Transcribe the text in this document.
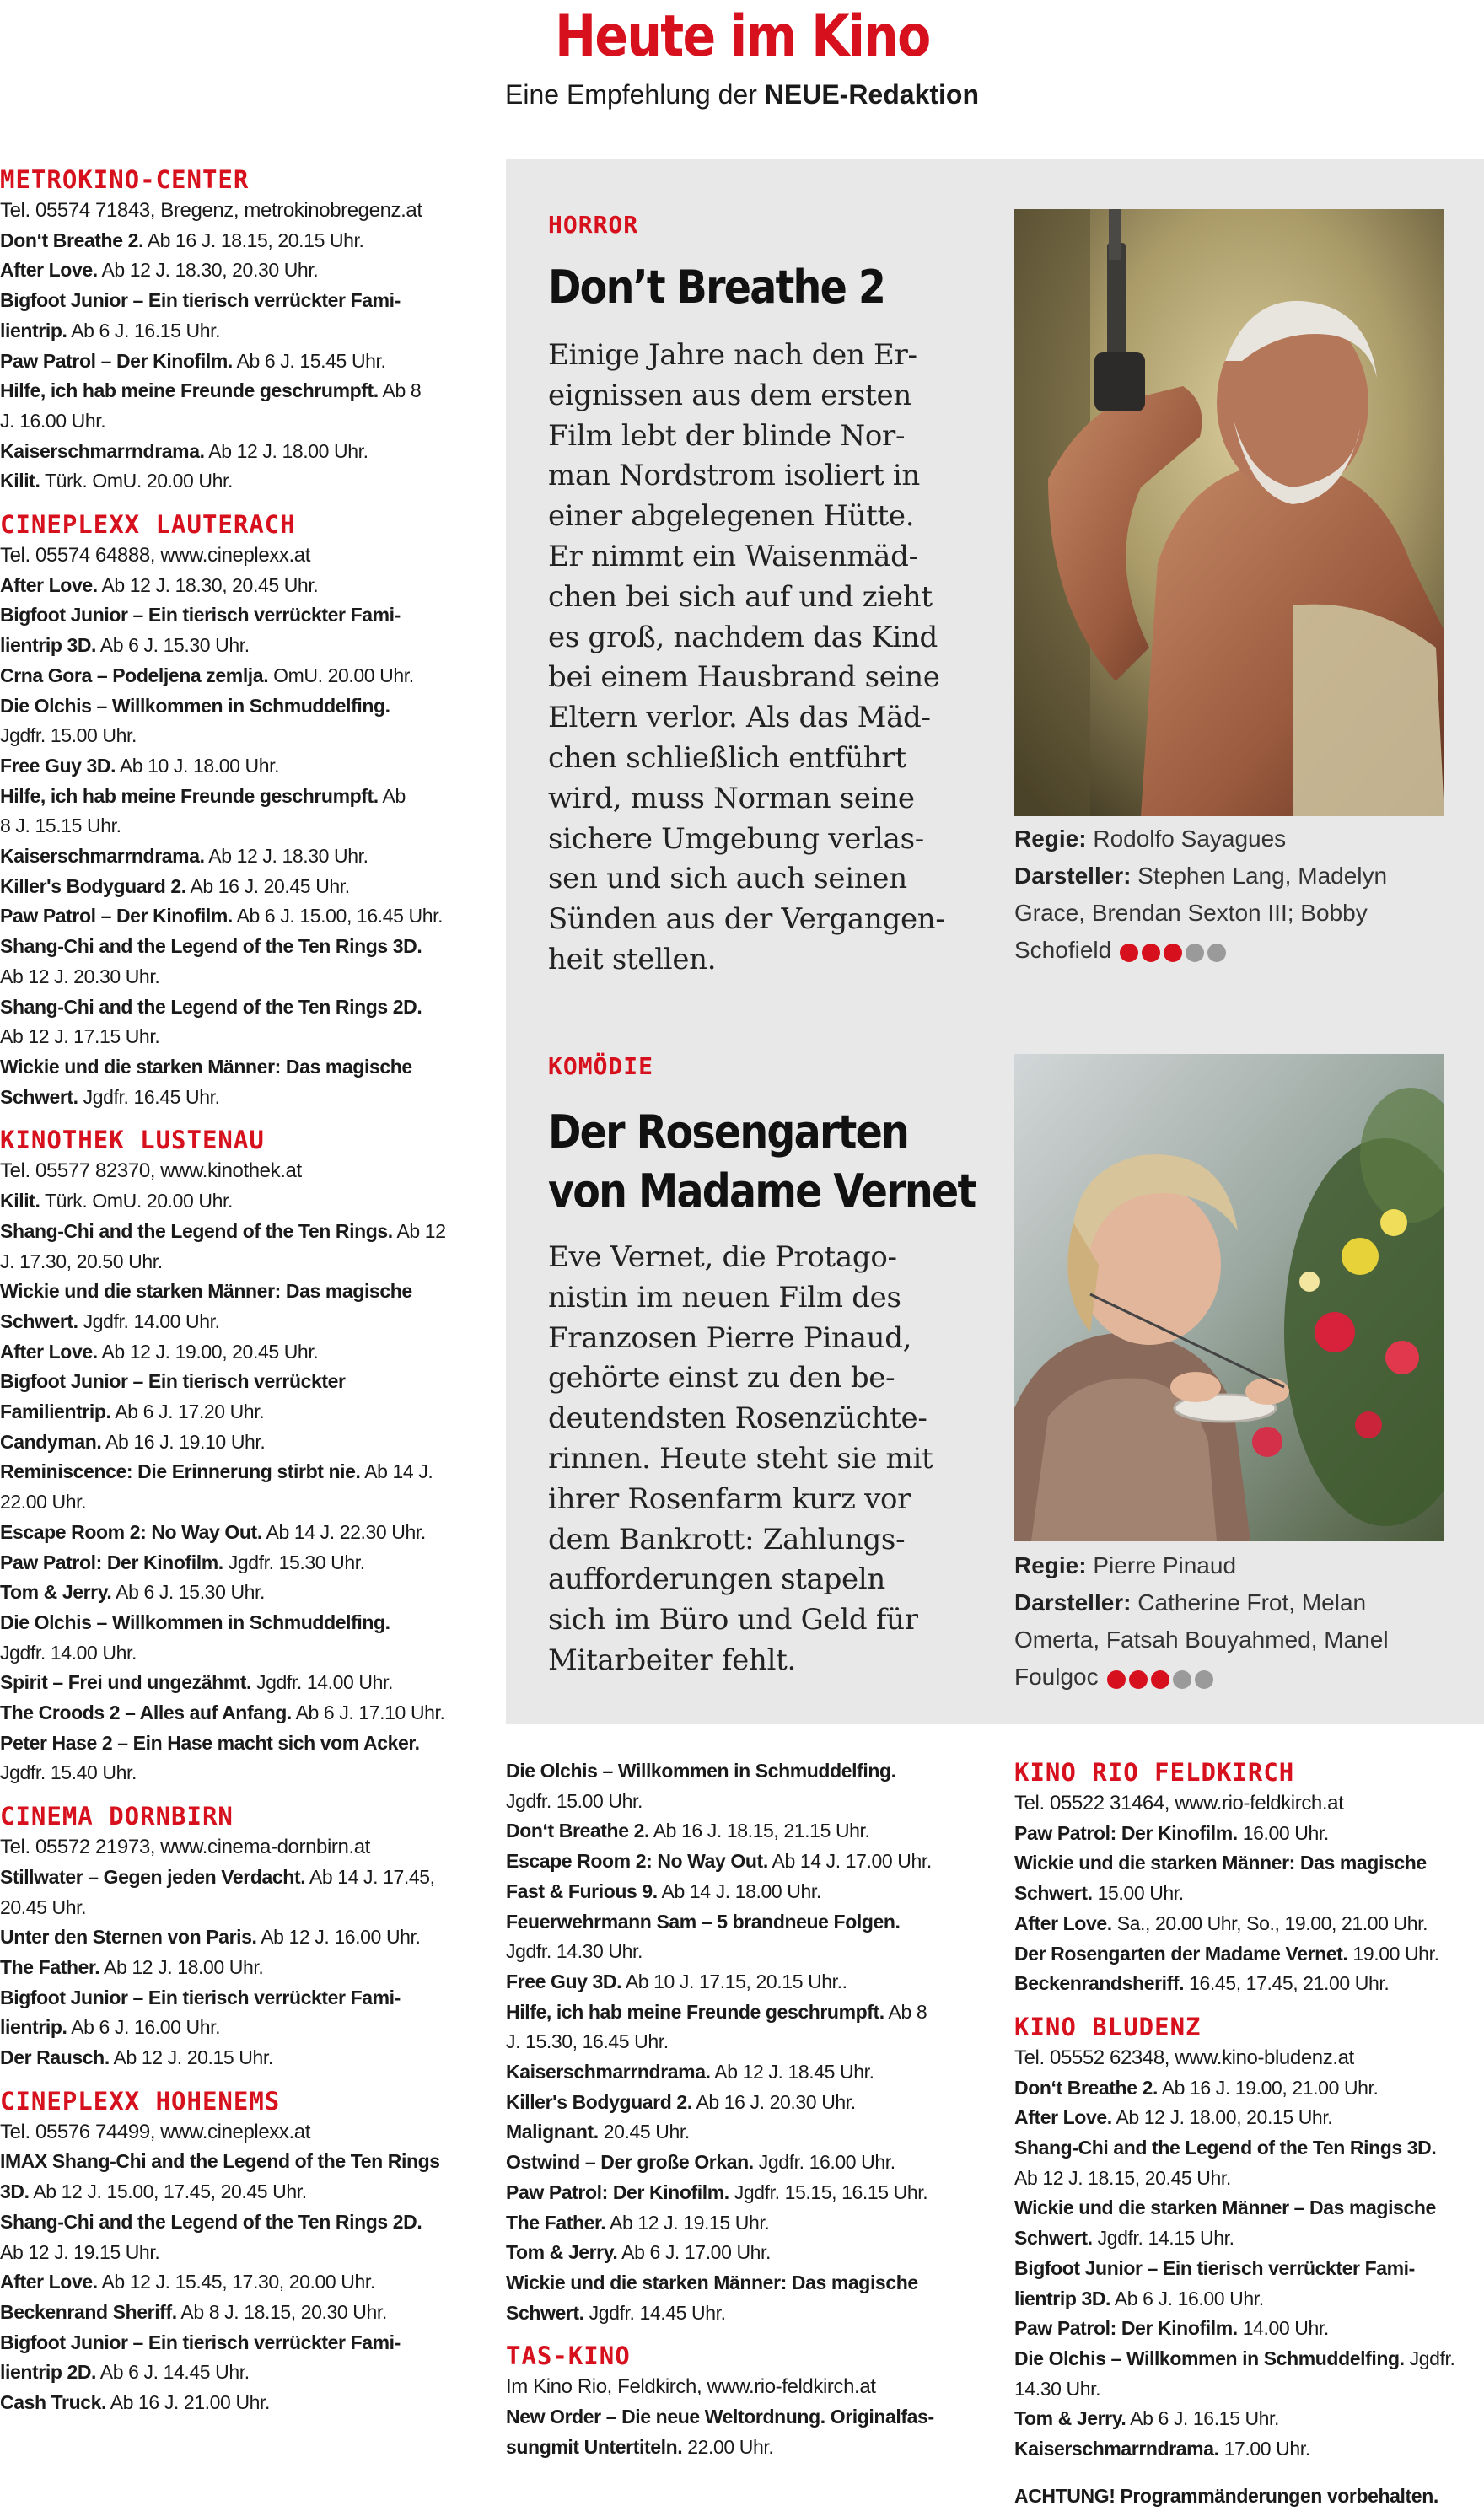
Heute im Kino
Eine Empfehlung der NEUE-Redaktion
METROKINO-CENTER
Tel. 05574 71843, Bregenz, metrokinobregenz.at
Don‘t Breathe 2. Ab 16 J. 18.15, 20.15 Uhr.
After Love. Ab 12 J. 18.30, 20.30 Uhr.
Bigfoot Junior – Ein tierisch verrückter Fami-
lientrip. Ab 6 J. 16.15 Uhr.
Paw Patrol – Der Kinofilm. Ab 6 J. 15.45 Uhr.
Hilfe, ich hab meine Freunde geschrumpft. Ab 8
J. 16.00 Uhr.
Kaiserschmarrndrama. Ab 12 J. 18.00 Uhr.
Kilit. Türk. OmU. 20.00 Uhr.
CINEPLEXX LAUTERACH
Tel. 05574 64888, www.cineplexx.at
After Love. Ab 12 J. 18.30, 20.45 Uhr.
Bigfoot Junior – Ein tierisch verrückter Fami-
lientrip 3D. Ab 6 J. 15.30 Uhr.
Crna Gora – Podeljena zemlja. OmU. 20.00 Uhr.
Die Olchis – Willkommen in Schmuddelfing.
Jgdfr. 15.00 Uhr.
Free Guy 3D. Ab 10 J. 18.00 Uhr.
Hilfe, ich hab meine Freunde geschrumpft. Ab
8 J. 15.15 Uhr.
Kaiserschmarrndrama. Ab 12 J. 18.30 Uhr.
Killer's Bodyguard 2. Ab 16 J. 20.45 Uhr.
Paw Patrol – Der Kinofilm. Ab 6 J. 15.00, 16.45 Uhr.
Shang-Chi and the Legend of the Ten Rings 3D.
Ab 12 J. 20.30 Uhr.
Shang-Chi and the Legend of the Ten Rings 2D.
Ab 12 J. 17.15 Uhr.
Wickie und die starken Männer: Das magische
Schwert. Jgdfr. 16.45 Uhr.
KINOTHEK LUSTENAU
Tel. 05577 82370, www.kinothek.at
Kilit. Türk. OmU. 20.00 Uhr.
Shang-Chi and the Legend of the Ten Rings. Ab 12
J. 17.30, 20.50 Uhr.
Wickie und die starken Männer: Das magische
Schwert. Jgdfr. 14.00 Uhr.
After Love. Ab 12 J. 19.00, 20.45 Uhr.
Bigfoot Junior – Ein tierisch verrückter
Familientrip. Ab 6 J. 17.20 Uhr.
Candyman. Ab 16 J. 19.10 Uhr.
Reminiscence: Die Erinnerung stirbt nie. Ab 14 J.
22.00 Uhr.
Escape Room 2: No Way Out. Ab 14 J. 22.30 Uhr.
Paw Patrol: Der Kinofilm. Jgdfr. 15.30 Uhr.
Tom & Jerry. Ab 6 J. 15.30 Uhr.
Die Olchis – Willkommen in Schmuddelfing.
Jgdfr. 14.00 Uhr.
Spirit – Frei und ungezähmt. Jgdfr. 14.00 Uhr.
The Croods 2 – Alles auf Anfang. Ab 6 J. 17.10 Uhr.
Peter Hase 2 – Ein Hase macht sich vom Acker.
Jgdfr. 15.40 Uhr.
CINEMA DORNBIRN
Tel. 05572 21973, www.cinema-dornbirn.at
Stillwater – Gegen jeden Verdacht. Ab 14 J. 17.45,
20.45 Uhr.
Unter den Sternen von Paris. Ab 12 J. 16.00 Uhr.
The Father. Ab 12 J. 18.00 Uhr.
Bigfoot Junior – Ein tierisch verrückter Fami-
lientrip. Ab 6 J. 16.00 Uhr.
Der Rausch. Ab 12 J. 20.15 Uhr.
CINEPLEXX HOHENEMS
Tel. 05576 74499, www.cineplexx.at
IMAX Shang-Chi and the Legend of the Ten Rings
3D. Ab 12 J. 15.00, 17.45, 20.45 Uhr.
Shang-Chi and the Legend of the Ten Rings 2D.
Ab 12 J. 19.15 Uhr.
After Love. Ab 12 J. 15.45, 17.30, 20.00 Uhr.
Beckenrand Sheriff. Ab 8 J. 18.15, 20.30 Uhr.
Bigfoot Junior – Ein tierisch verrückter Fami-
lientrip 2D. Ab 6 J. 14.45 Uhr.
Cash Truck. Ab 16 J. 21.00 Uhr.
Die Olchis – Willkommen in Schmuddelfing.
Jgdfr. 15.00 Uhr.
Don‘t Breathe 2. Ab 16 J. 18.15, 21.15 Uhr.
Escape Room 2: No Way Out. Ab 14 J. 17.00 Uhr.
Fast & Furious 9. Ab 14 J. 18.00 Uhr.
Feuerwehrmann Sam – 5 brandneue Folgen.
Jgdfr. 14.30 Uhr.
Free Guy 3D. Ab 10 J. 17.15, 20.15 Uhr..
Hilfe, ich hab meine Freunde geschrumpft. Ab 8
J. 15.30, 16.45 Uhr.
Kaiserschmarrndrama. Ab 12 J. 18.45 Uhr.
Killer's Bodyguard 2. Ab 16 J. 20.30 Uhr.
Malignant. 20.45 Uhr.
Ostwind – Der große Orkan. Jgdfr. 16.00 Uhr.
Paw Patrol: Der Kinofilm. Jgdfr. 15.15, 16.15 Uhr.
The Father. Ab 12 J. 19.15 Uhr.
Tom & Jerry. Ab 6 J. 17.00 Uhr.
Wickie und die starken Männer: Das magische
Schwert. Jgdfr. 14.45 Uhr.
TAS-KINO
Im Kino Rio, Feldkirch, www.rio-feldkirch.at
New Order – Die neue Weltordnung. Originalfas-
sungmit Untertiteln. 22.00 Uhr.
KINO RIO FELDKIRCH
Tel. 05522 31464, www.rio-feldkirch.at
Paw Patrol: Der Kinofilm. 16.00 Uhr.
Wickie und die starken Männer: Das magische
Schwert. 15.00 Uhr.
After Love. Sa., 20.00 Uhr, So., 19.00, 21.00 Uhr.
Der Rosengarten der Madame Vernet. 19.00 Uhr.
Beckenrandsheriff. 16.45, 17.45, 21.00 Uhr.
KINO BLUDENZ
Tel. 05552 62348, www.kino-bludenz.at
Don‘t Breathe 2. Ab 16 J. 19.00, 21.00 Uhr.
After Love. Ab 12 J. 18.00, 20.15 Uhr.
Shang-Chi and the Legend of the Ten Rings 3D.
Ab 12 J. 18.15, 20.45 Uhr.
Wickie und die starken Männer – Das magische
Schwert. Jgdfr. 14.15 Uhr.
Bigfoot Junior – Ein tierisch verrückter Fami-
lientrip 3D. Ab 6 J. 16.00 Uhr.
Paw Patrol: Der Kinofilm. 14.00 Uhr.
Die Olchis – Willkommen in Schmuddelfing. Jgdfr.
14.30 Uhr.
Tom & Jerry. Ab 6 J. 16.15 Uhr.
Kaiserschmarrndrama. 17.00 Uhr.
ACHTUNG! Programmänderungen vorbehalten.
HORROR
Don’t Breathe 2
Einige Jahre nach den Er-
eignissen aus dem ersten
Film lebt der blinde Nor-
man Nordstrom isoliert in
einer abgelegenen Hütte.
Er nimmt ein Waisenmäd-
chen bei sich auf und zieht
es groß, nachdem das Kind
bei einem Hausbrand seine
Eltern verlor. Als das Mäd-
chen schließlich entführt
wird, muss Norman seine
sichere Umgebung verlas-
sen und sich auch seinen
Sünden aus der Vergangen-
heit stellen.
Regie: Rodolfo Sayagues
Darsteller: Stephen Lang, Madelyn
Grace, Brendan Sexton III; Bobby
Schofield
KOMÖDIE
Der Rosengarten
von Madame Vernet
Eve Vernet, die Protago-
nistin im neuen Film des
Franzosen Pierre Pinaud,
gehörte einst zu den be-
deutendsten Rosenzüchte-
rinnen. Heute steht sie mit
ihrer Rosenfarm kurz vor
dem Bankrott: Zahlungs-
aufforderungen stapeln
sich im Büro und Geld für
Mitarbeiter fehlt.
Regie: Pierre Pinaud
Darsteller: Catherine Frot, Melan
Omerta, Fatsah Bouyahmed, Manel
Foulgoc
